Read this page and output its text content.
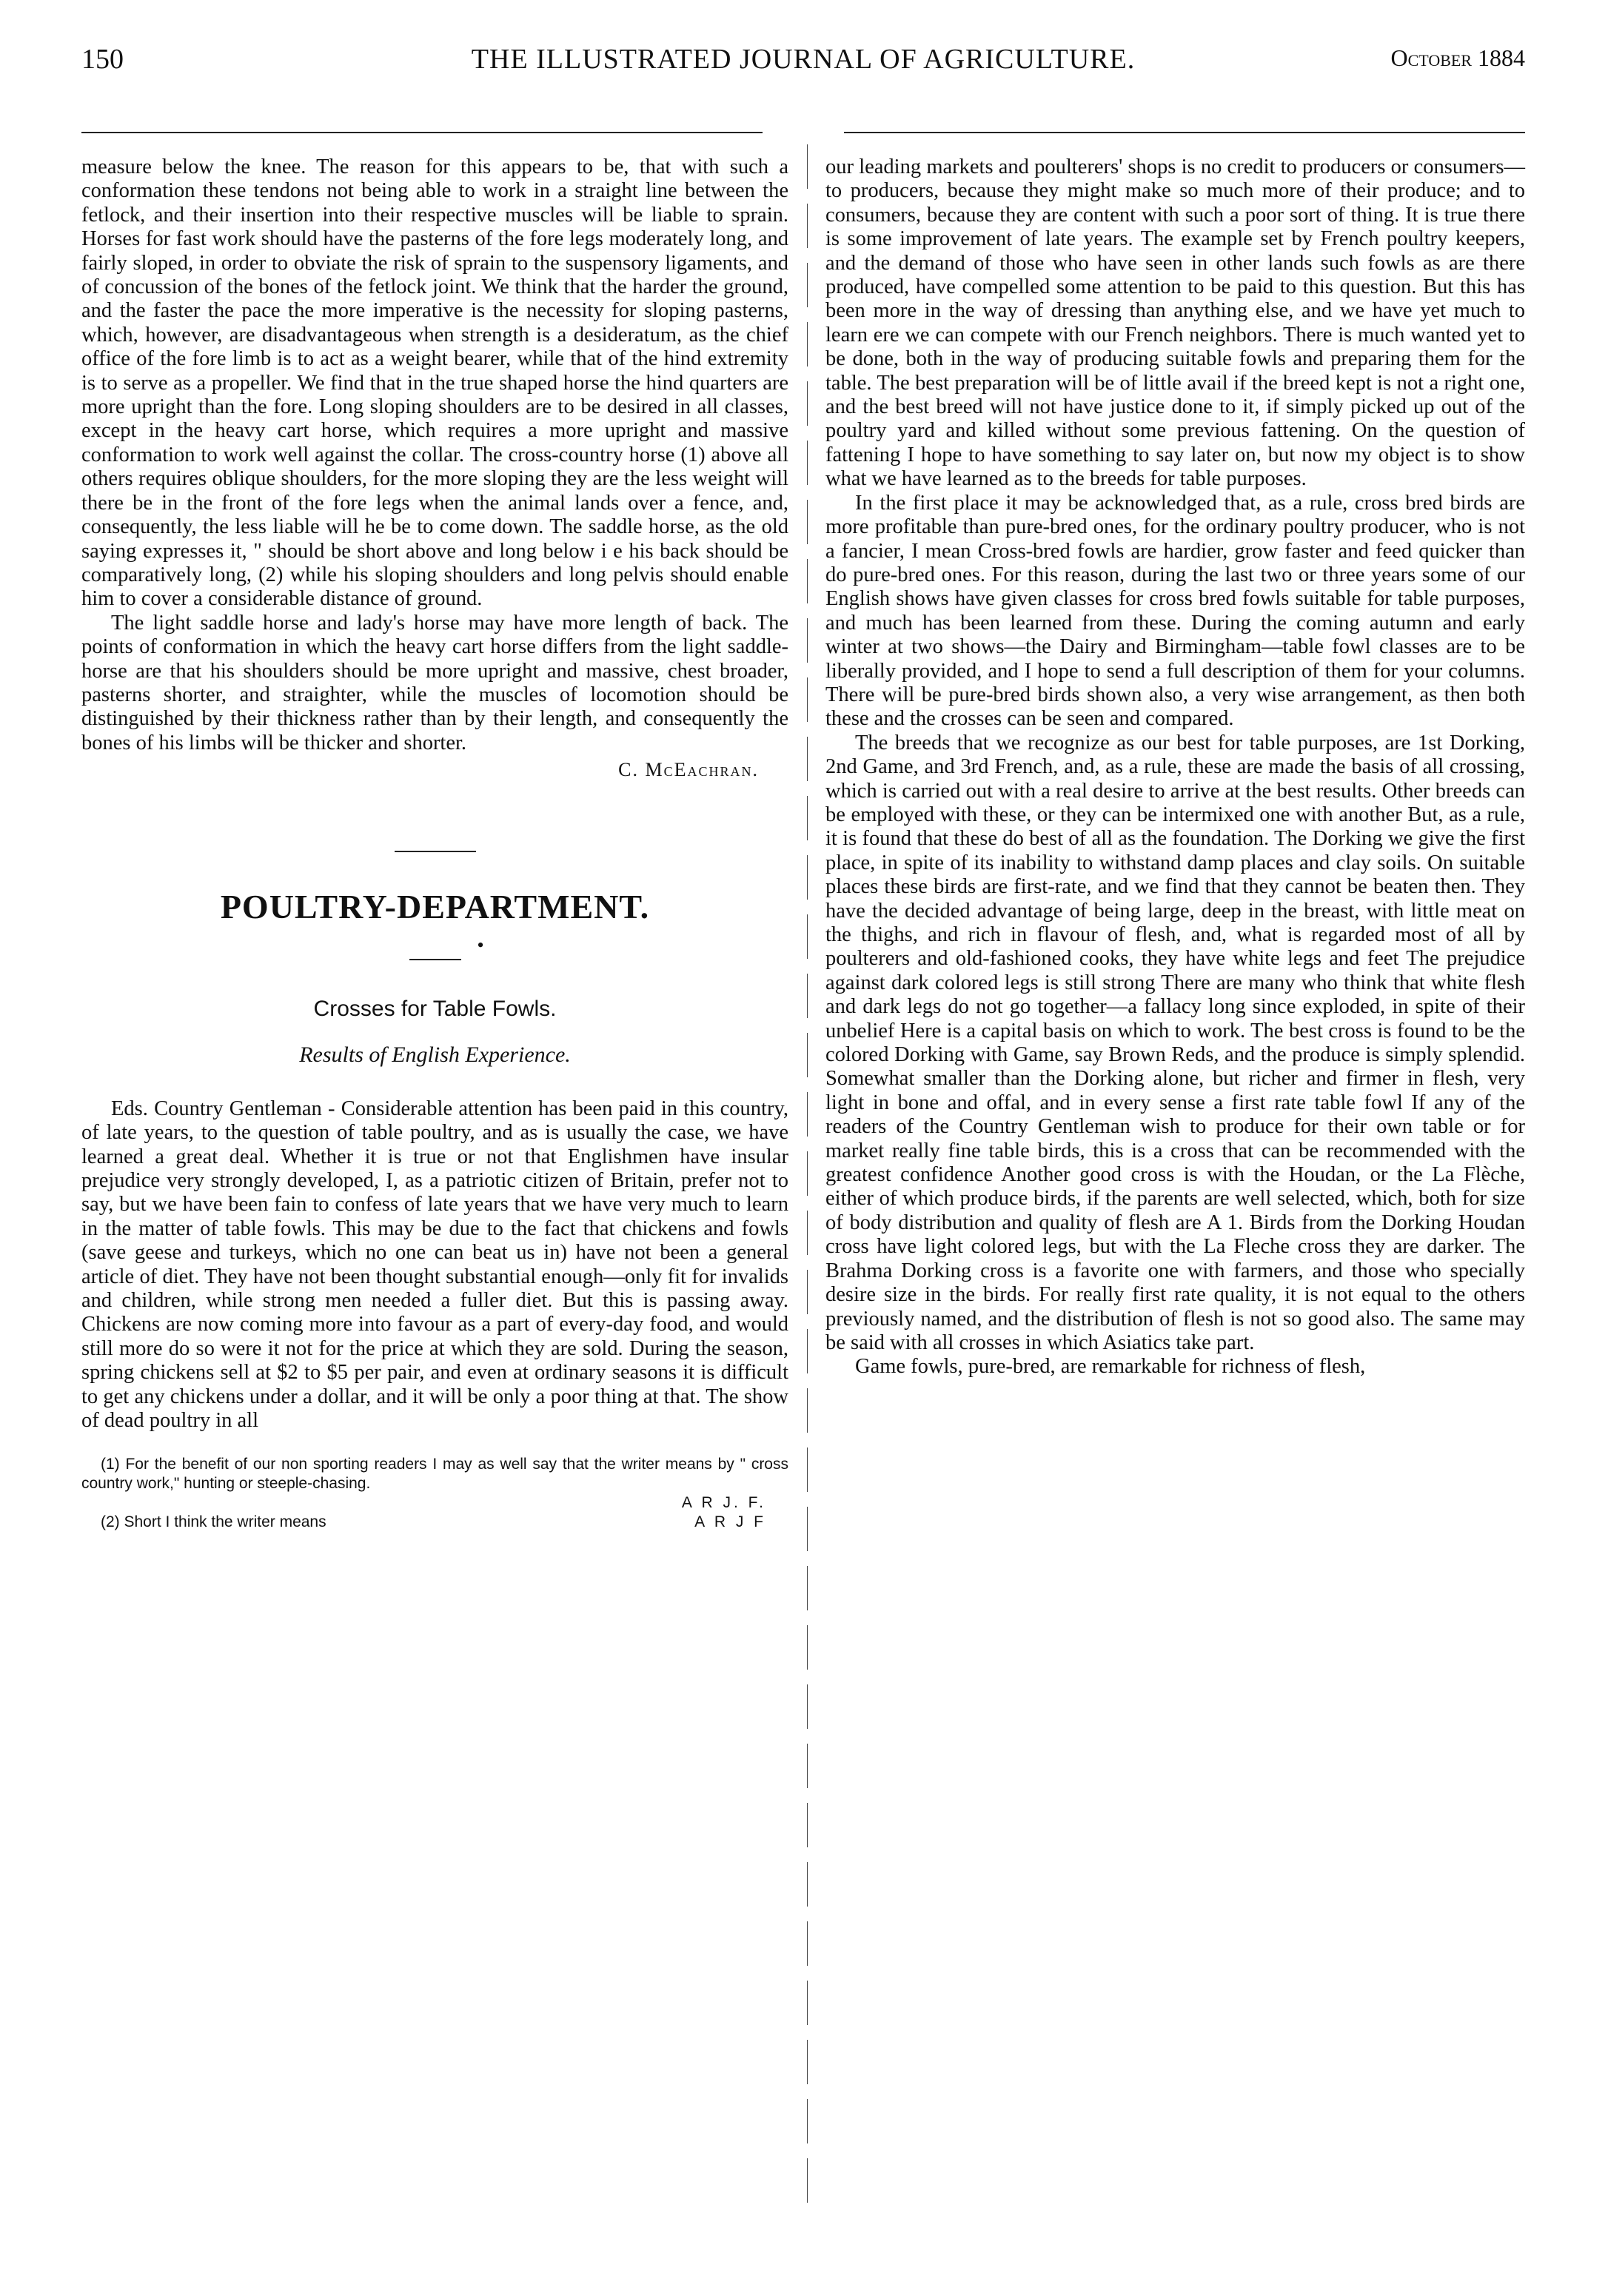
150	THE ILLUSTRATED JOURNAL OF AGRICULTURE.	October 1884

measure below the knee. The reason for this appears to be, that with such a conformation these tendons not being able to work in a straight line between the fetlock, and their insertion into their respective muscles will be liable to sprain. Horses for fast work should have the pasterns of the fore legs moderately long, and fairly sloped, in order to obviate the risk of sprain to the suspensory ligaments, and of concussion of the bones of the fetlock joint. We think that the harder the ground, and the faster the pace the more imperative is the necessity for sloping pasterns, which, however, are disadvantageous when strength is a desideratum, as the chief office of the fore limb is to act as a weight bearer, while that of the hind extremity is to serve as a propeller. We find that in the true shaped horse the hind quarters are more upright than the fore. Long sloping shoulders are to be desired in all classes, except in the heavy cart horse, which requires a more upright and massive conformation to work well against the collar. The cross-country horse (1) above all others requires oblique shoulders, for the more sloping they are the less weight will there be in the front of the fore legs when the animal lands over a fence, and, consequently, the less liable will he be to come down. The saddle horse, as the old saying expresses it, " should be short above and long below i e his back should be comparatively long, (2) while his sloping shoulders and long pelvis should enable him to cover a considerable distance of ground.

The light saddle horse and lady's horse may have more length of back. The points of conformation in which the heavy cart horse differs from the light saddle-horse are that his shoulders should be more upright and massive, chest broader, pasterns shorter, and straighter, while the muscles of locomotion should be distinguished by their thickness rather than by their length, and consequently the bones of his limbs will be thicker and shorter.

C. McEachran.
POULTRY-DEPARTMENT.
•
Crosses for Table Fowls.
Results of English Experience.

Eds. Country Gentleman - Considerable attention has been paid in this country, of late years, to the question of table poultry, and as is usually the case, we have learned a great deal. Whether it is true or not that Englishmen have insular prejudice very strongly developed, I, as a patriotic citizen of Britain, prefer not to say, but we have been fain to confess of late years that we have very much to learn in the matter of table fowls. This may be due to the fact that chickens and fowls (save geese and turkeys, which no one can beat us in) have not been a general article of diet. They have not been thought substantial enough—only fit for invalids and children, while strong men needed a fuller diet. But this is passing away. Chickens are now coming more into favour as a part of every-day food, and would still more do so were it not for the price at which they are sold. During the season, spring chickens sell at $2 to $5 per pair, and even at ordinary seasons it is difficult to get any chickens under a dollar, and it will be only a poor thing at that. The show of dead poultry in all

(1) For the benefit of our non sporting readers I may as well say that the writer means by " cross country work," hunting or steeple-chasing.
A R J. F.
(2) Short I think the writer means	A R J F

our leading markets and poulterers' shops is no credit to producers or consumers—to producers, because they might make so much more of their produce; and to consumers, because they are content with such a poor sort of thing. It is true there is some improvement of late years. The example set by French poultry keepers, and the demand of those who have seen in other lands such fowls as are there produced, have compelled some attention to be paid to this question. But this has been more in the way of dressing than anything else, and we have yet much to learn ere we can compete with our French neighbors. There is much wanted yet to be done, both in the way of producing suitable fowls and preparing them for the table. The best preparation will be of little avail if the breed kept is not a right one, and the best breed will not have justice done to it, if simply picked up out of the poultry yard and killed without some previous fattening. On the question of fattening I hope to have something to say later on, but now my object is to show what we have learned as to the breeds for table purposes.

In the first place it may be acknowledged that, as a rule, cross bred birds are more profitable than pure-bred ones, for the ordinary poultry producer, who is not a fancier, I mean Cross-bred fowls are hardier, grow faster and feed quicker than do pure-bred ones. For this reason, during the last two or three years some of our English shows have given classes for cross bred fowls suitable for table purposes, and much has been learned from these. During the coming autumn and early winter at two shows—the Dairy and Birmingham—table fowl classes are to be liberally provided, and I hope to send a full description of them for your columns. There will be pure-bred birds shown also, a very wise arrangement, as then both these and the crosses can be seen and compared.

The breeds that we recognize as our best for table purposes, are 1st Dorking, 2nd Game, and 3rd French, and, as a rule, these are made the basis of all crossing, which is carried out with a real desire to arrive at the best results. Other breeds can be employed with these, or they can be intermixed one with another But, as a rule, it is found that these do best of all as the foundation. The Dorking we give the first place, in spite of its inability to withstand damp places and clay soils. On suitable places these birds are first-rate, and we find that they cannot be beaten then. They have the decided advantage of being large, deep in the breast, with little meat on the thighs, and rich in flavour of flesh, and, what is regarded most of all by poulterers and old-fashioned cooks, they have white legs and feet The prejudice against dark colored legs is still strong There are many who think that white flesh and dark legs do not go together—a fallacy long since exploded, in spite of their unbelief Here is a capital basis on which to work. The best cross is found to be the colored Dorking with Game, say Brown Reds, and the produce is simply splendid. Somewhat smaller than the Dorking alone, but richer and firmer in flesh, very light in bone and offal, and in every sense a first rate table fowl If any of the readers of the Country Gentleman wish to produce for their own table or for market really fine table birds, this is a cross that can be recommended with the greatest confidence Another good cross is with the Houdan, or the La Flèche, either of which produce birds, if the parents are well selected, which, both for size of body distribution and quality of flesh are A 1. Birds from the Dorking Houdan cross have light colored legs, but with the La Fleche cross they are darker. The Brahma Dorking cross is a favorite one with farmers, and those who specially desire size in the birds. For really first rate quality, it is not equal to the others previously named, and the distribution of flesh is not so good also. The same may be said with all crosses in which Asiatics take part.

Game fowls, pure-bred, are remarkable for richness of flesh,
